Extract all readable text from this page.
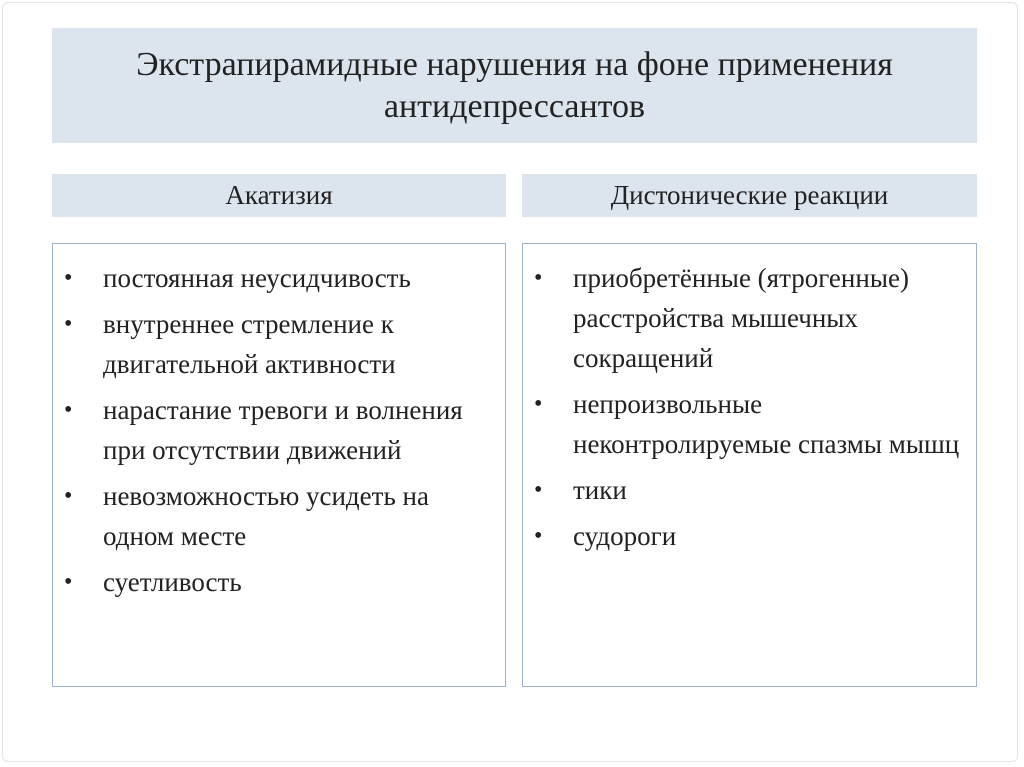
Экстрапирамидные нарушения на фоне применения антидепрессантов
Акатизия	Дистонические реакции
• постоянная неусидчивость
• внутреннее стремление к двигательной активности
• нарастание тревоги и волнения при отсутствии движений
• невозможностью усидеть на одном месте
• суетливость
• приобретённые (ятрогенные) расстройства мышечных сокращений
• непроизвольные неконтролируемые спазмы мышц
• тики
• судороги
